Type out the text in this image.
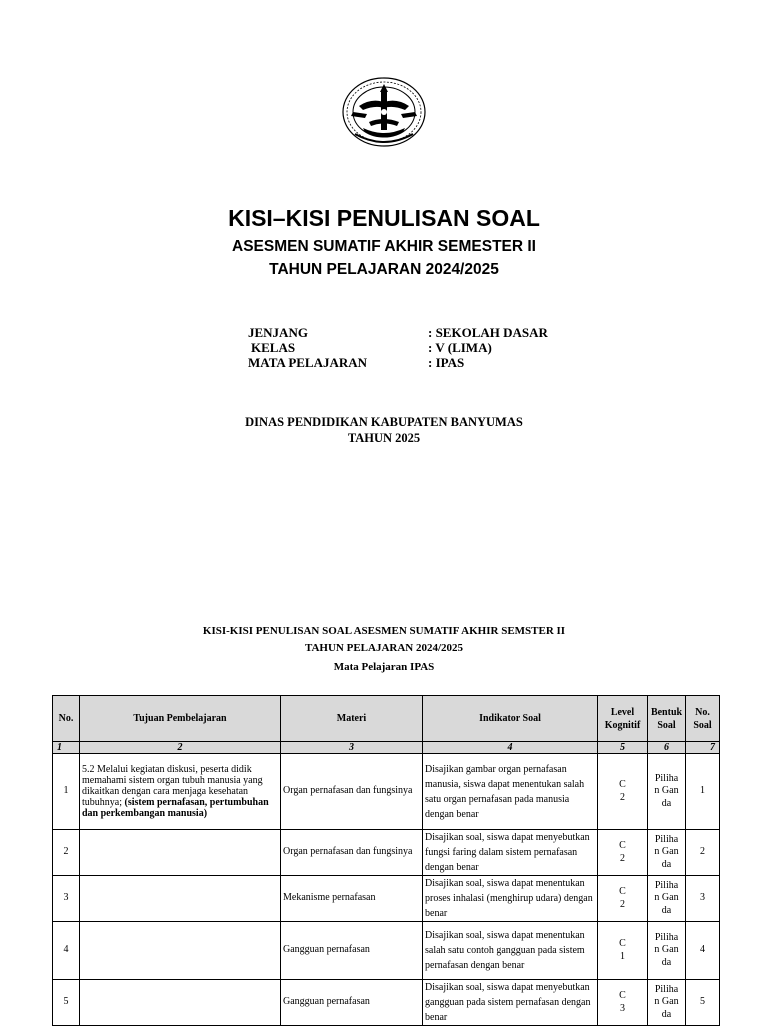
KISI–KISI PENULISAN SOAL
ASESMEN SUMATIF AKHIR SEMESTER II
TAHUN PELAJARAN 2024/2025
JENJANG	: SEKOLAH DASAR
KELAS	: V (LIMA)
MATA PELAJARAN	: IPAS
DINAS PENDIDIKAN KABUPATEN BANYUMAS
TAHUN 2025
KISI-KISI PENULISAN SOAL ASESMEN SUMATIF AKHIR SEMSTER II
TAHUN PELAJARAN 2024/2025
Mata Pelajaran IPAS
No.	Tujuan Pembelajaran	Materi	Indikator Soal	Level Kognitif	Bentuk Soal	No. Soal
1	2	3	4	5	6	7
1	5.2 Melalui kegiatan diskusi, peserta didik memahami sistem organ tubuh manusia yang dikaitkan dengan cara menjaga kesehatan tubuhnya; (sistem pernafasan, pertumbuhan dan perkembangan manusia)	Organ pernafasan dan fungsinya	Disajikan gambar organ pernafasan manusia, siswa dapat menentukan salah satu organ pernafasan pada manusia dengan benar	C 2	Pilihan Ganda	1
2		Organ pernafasan dan fungsinya	Disajikan soal, siswa dapat menyebutkan fungsi faring dalam sistem pernafasan dengan benar	C 2	Pilihan Ganda	2
3		Mekanisme pernafasan	Disajikan soal, siswa dapat menentukan proses inhalasi (menghirup udara) dengan benar	C 2	Pilihan Ganda	3
4		Gangguan pernafasan	Disajikan soal, siswa dapat menentukan salah satu contoh gangguan pada sistem pernafasan dengan benar	C 1	Pilihan Ganda	4
5		Gangguan pernafasan	Disajikan soal, siswa dapat menyebutkan gangguan pada sistem pernafasan dengan benar	C 3	Pilihan Ganda	5
